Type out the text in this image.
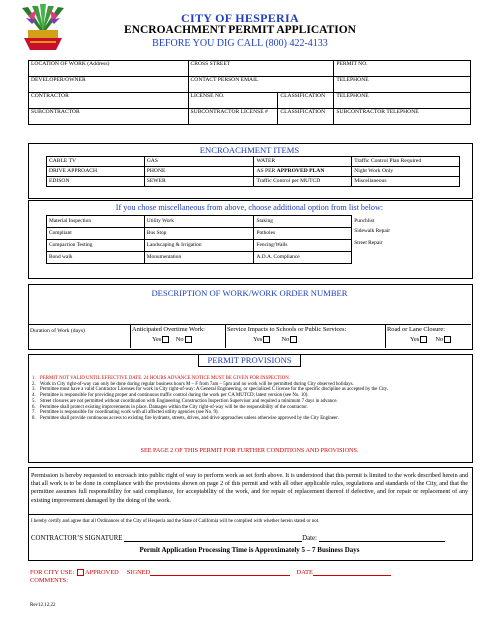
CITY OF HESPERIA
ENCROACHMENT PERMIT APPLICATION
BEFORE YOU DIG CALL (800) 422-4133
LOCATION OF WORK (Address)	CROSS STREET		PERMIT NO.
DEVELOPER/OWNER	CONTACT PERSON EMAIL		TELEPHONE
CONTRACTOR	LICENSE NO.	CLASSIFICATION	TELEPHONE
SUBCONTRACTOR	SUBCONTRACTOR LICENSE #	CLASSIFICATION	SUBCONTRACTOR TELEPHONE
ENCROACHMENT ITEMS
CABLE TV	GAS	WATER	Traffic Control Plan Required
DRIVE APPROACH	PHONE	AS PER APPROVED PLAN	Night Work Only
EDISON	SEWER	Traffic Control per MUTCD	Miscellaneous
If you chose miscellaneous from above, choose additional option from list below:
Material Inspection	Utility Work	Staking	Punchlist
Compliant	Bus Stop	Potholes	Sidewalk Repair
Compaction Testing	Landscaping & Irrigation	Fencing/Walls	Street Repair
Bond walk	Monumentation	A.D.A. Compliance	
DESCRIPTION OF WORK/WORK ORDER NUMBER
Duration of Work (days)	Anticipated Overtime Work:
Yes No
Service Impacts to Schools or Public Services:
Yes	No
Road or Lane Closure:
Yes	No
PERMIT PROVISIONS
1. PERMIT NOT VALID UNTIL EFFECTIVE DATE. 24 HOURS ADVANCE NOTICE MUST BE GIVEN FOR INSPECTION.
2. Work in City right-of-way can only be done during regular business hours M – F from 7am – 5pm and no work will be permitted during City observed holidays.
3. Permittee must have a valid Contractor Licenses for work in City right-of-way: A General Engineering, or specialized C license for the specific discipline as accepted by the City.
4. Permittee is responsible for providing proper and continuous traffic control during the work per CA MUTCD; latest version (see No. 10).
5. Street closures are not permitted without coordination with Engineering Construction Inspection Supervisor and required a minimum 7 days in advance.
6. Permittee shall protect existing improvements in place. Damages within the City right-of-way will be the responsibility of the contractor.
7. Permittee is responsible for coordinating work with all affected utility agencies (see No. 9).
8. Permittee shall provide continuous access to existing fire hydrants, streets, drives, and drive approaches unless otherwise approved by the City Engineer.
SEE PAGE 2 OF THIS PERMIT FOR FURTHER CONDITIONS AND PROVISIONS.
Permission is hereby requested to encroach into public right of way to perform work as set forth above. It is understood that this permit is limited to the work described herein and that all work is to be done in compliance with the provisions shown on page 2 of this permit and with all other applicable rules, regulations and standards of the City, and that the permittee assumes full responsibility for said compliance, for acceptability of the work, and for repair of replacement thereof if defective, and for repair or replacement of any existing improvement damaged by the doing of the work.
I hereby certify and agree that all Ordinances of the City of Hesperia and the State of California will be complied with whether herein stated or not.
CONTRACTOR’S SIGNATURE	Date:
Permit Application Processing Time is Approximately 5 – 7 Business Days
FOR CITY USE: APPROVED SIGNED	DATE
COMMENTS:
Rev12.12.22
